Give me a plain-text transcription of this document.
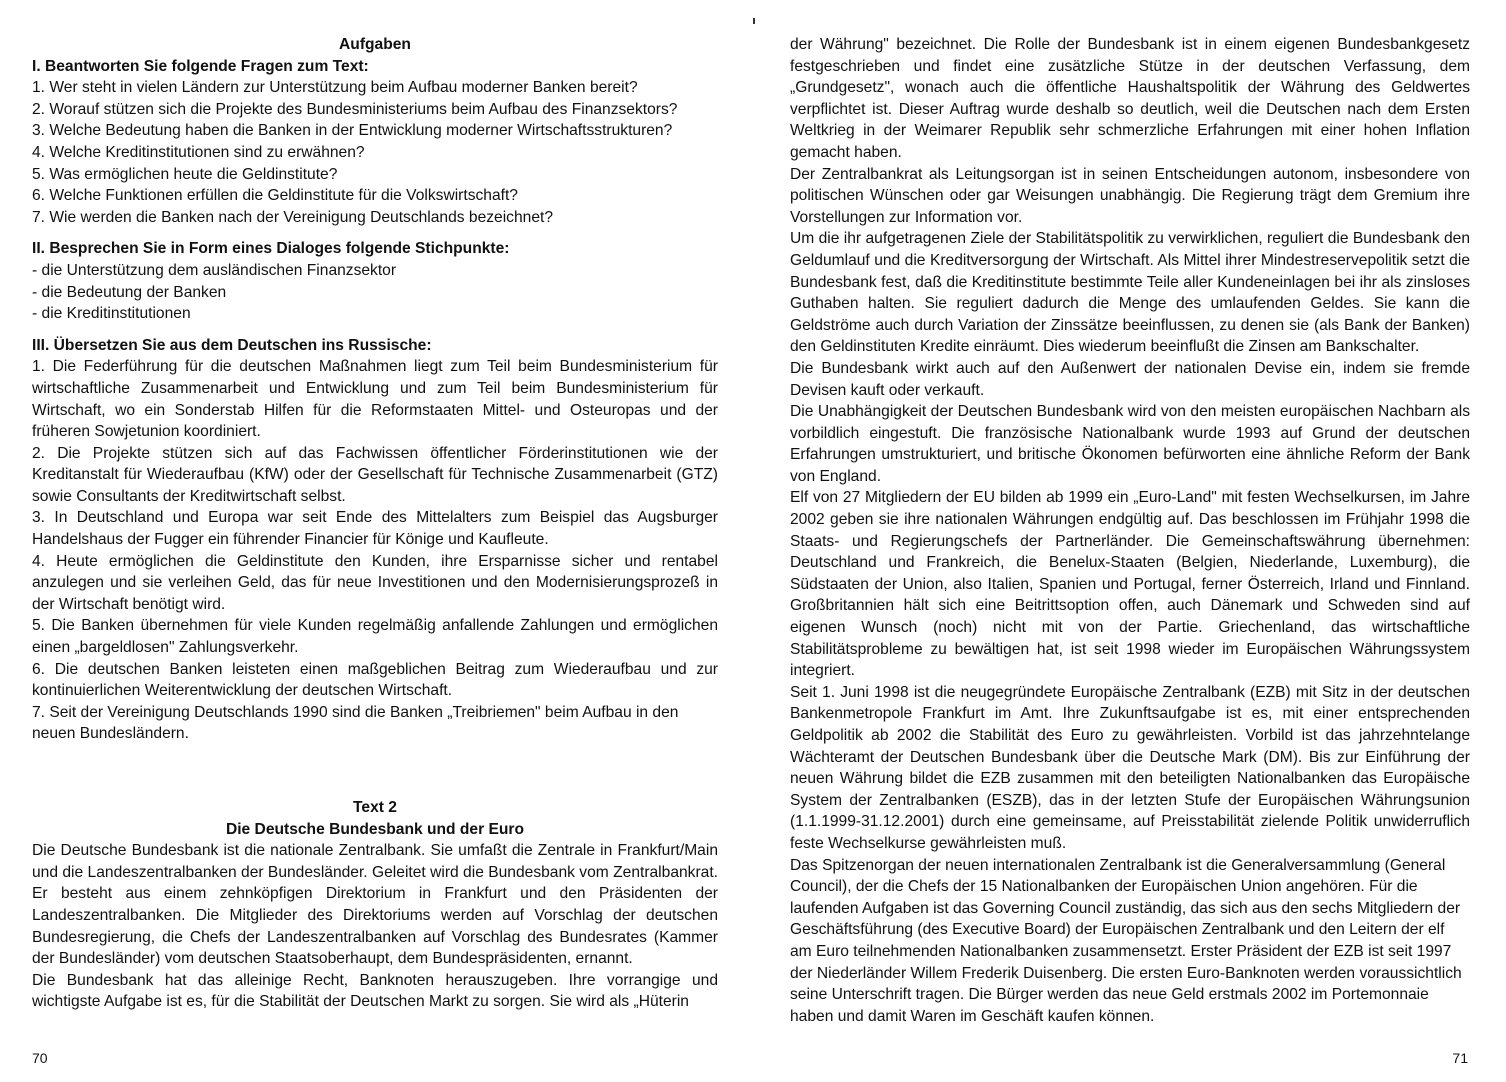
Aufgaben

I. Beantworten Sie folgende Fragen zum Text:

1. Wer steht in vielen Ländern zur Unterstützung beim Aufbau moderner Banken bereit?

2. Worauf stützen sich die Projekte des Bundesministeriums beim Aufbau des Finanzsektors?

3. Welche Bedeutung haben die Banken in der Entwicklung moderner Wirtschaftsstrukturen?

4. Welche Kreditinstitutionen sind zu erwähnen?

5. Was ermöglichen heute die Geldinstitute?

6. Welche Funktionen erfüllen die Geldinstitute für die Volkswirtschaft?

7. Wie werden die Banken nach der Vereinigung Deutschlands bezeichnet?

II. Besprechen Sie in Form eines Dialoges folgende Stichpunkte:

- die Unterstützung dem ausländischen Finanzsektor

- die Bedeutung der Banken

- die Kreditinstitutionen

III. Übersetzen Sie aus dem Deutschen ins Russische:

1. Die Federführung für die deutschen Maßnahmen liegt zum Teil beim Bundesministerium für wirtschaftliche Zusammenarbeit und Entwicklung und zum Teil beim Bundesministerium für Wirtschaft, wo ein Sonderstab Hilfen für die Reformstaaten Mittel- und Osteuropas und der früheren Sowjetunion koordiniert.

2. Die Projekte stützen sich auf das Fachwissen öffentlicher Förderinstitutionen wie der Kreditanstalt für Wiederaufbau (KfW) oder der Gesellschaft für Technische Zusammenarbeit (GTZ) sowie Consultants der Kreditwirtschaft selbst.

3. In Deutschland und Europa war seit Ende des Mittelalters zum Beispiel das Augsburger Handelshaus der Fugger ein führender Financier für Könige und Kaufleute.

4. Heute ermöglichen die Geldinstitute den Kunden, ihre Ersparnisse sicher und rentabel anzulegen und sie verleihen Geld, das für neue Investitionen und den Modernisierungsprozeß in der Wirtschaft benötigt wird.

5. Die Banken übernehmen für viele Kunden regelmäßig anfallende Zahlungen und ermöglichen einen „bargeldlosen" Zahlungsverkehr.

6. Die deutschen Banken leisteten einen maßgeblichen Beitrag zum Wiederaufbau und zur kontinuierlichen Weiterentwicklung der deutschen Wirtschaft.

7. Seit der Vereinigung Deutschlands 1990 sind die Banken „Treibriemen" beim Aufbau in den neuen Bundesländern.

Text 2

Die Deutsche Bundesbank und der Euro

Die Deutsche Bundesbank ist die nationale Zentralbank. Sie umfaßt die Zentrale in Frankfurt/Main und die Landeszentralbanken der Bundesländer. Geleitet wird die Bundesbank vom Zentralbankrat. Er besteht aus einem zehnköpfigen Direktorium in Frankfurt und den Präsidenten der Landeszentralbanken. Die Mitglieder des Direktoriums werden auf Vorschlag der deutschen Bundesregierung, die Chefs der Landeszentralbanken auf Vorschlag des Bundesrates (Kammer der Bundesländer) vom deutschen Staatsoberhaupt, dem Bundespräsidenten, ernannt.

Die Bundesbank hat das alleinige Recht, Banknoten herauszugeben. Ihre vorrangige und wichtigste Aufgabe ist es, für die Stabilität der Deutschen Markt zu sorgen. Sie wird als „Hüterin

70

der Währung" bezeichnet. Die Rolle der Bundesbank ist in einem eigenen Bundesbankgesetz festgeschrieben und findet eine zusätzliche Stütze in der deutschen Verfassung, dem „Grundgesetz", wonach auch die öffentliche Haushaltspolitik der Währung des Geldwertes verpflichtet ist. Dieser Auftrag wurde deshalb so deutlich, weil die Deutschen nach dem Ersten Weltkrieg in der Weimarer Republik sehr schmerzliche Erfahrungen mit einer hohen Inflation gemacht haben.

Der Zentralbankrat als Leitungsorgan ist in seinen Entscheidungen autonom, insbesondere von politischen Wünschen oder gar Weisungen unabhängig. Die Regierung trägt dem Gremium ihre Vorstellungen zur Information vor.

Um die ihr aufgetragenen Ziele der Stabilitätspolitik zu verwirklichen, reguliert die Bundesbank den Geldumlauf und die Kreditversorgung der Wirtschaft. Als Mittel ihrer Mindestreservepolitik setzt die Bundesbank fest, daß die Kreditinstitute bestimmte Teile aller Kundeneinlagen bei ihr als zinsloses Guthaben halten. Sie reguliert dadurch die Menge des umlaufenden Geldes. Sie kann die Geldströme auch durch Variation der Zinssätze beeinflussen, zu denen sie (als Bank der Banken) den Geldinstituten Kredite einräumt. Dies wiederum beeinflußt die Zinsen am Bankschalter.

Die Bundesbank wirkt auch auf den Außenwert der nationalen Devise ein, indem sie fremde Devisen kauft oder verkauft.

Die Unabhängigkeit der Deutschen Bundesbank wird von den meisten europäischen Nachbarn als vorbildlich eingestuft. Die französische Nationalbank wurde 1993 auf Grund der deutschen Erfahrungen umstrukturiert, und britische Ökonomen befürworten eine ähnliche Reform der Bank von England.

Elf von 27 Mitgliedern der EU bilden ab 1999 ein „Euro-Land" mit festen Wechselkursen, im Jahre 2002 geben sie ihre nationalen Währungen endgültig auf. Das beschlossen im Frühjahr 1998 die Staats- und Regierungschefs der Partnerländer. Die Gemeinschaftswährung übernehmen: Deutschland und Frankreich, die Benelux-Staaten (Belgien, Niederlande, Luxemburg), die Südstaaten der Union, also Italien, Spanien und Portugal, ferner Österreich, Irland und Finnland. Großbritannien hält sich eine Beitrittsoption offen, auch Dänemark und Schweden sind auf eigenen Wunsch (noch) nicht mit von der Partie. Griechenland, das wirtschaftliche Stabilitätsprobleme zu bewältigen hat, ist seit 1998 wieder im Europäischen Währungssystem integriert.

Seit 1. Juni 1998 ist die neugegründete Europäische Zentralbank (EZB) mit Sitz in der deutschen Bankenmetropole Frankfurt im Amt. Ihre Zukunftsaufgabe ist es, mit einer entsprechenden Geldpolitik ab 2002 die Stabilität des Euro zu gewährleisten. Vorbild ist das jahrzehntelange Wächteramt der Deutschen Bundesbank über die Deutsche Mark (DM). Bis zur Einführung der neuen Währung bildet die EZB zusammen mit den beteiligten Nationalbanken das Europäische System der Zentralbanken (ESZB), das in der letzten Stufe der Europäischen Währungsunion (1.1.1999-31.12.2001) durch eine gemeinsame, auf Preisstabilität zielende Politik unwiderruflich feste Wechselkurse gewährleisten muß.

Das Spitzenorgan der neuen internationalen Zentralbank ist die Generalversammlung (General Council), der die Chefs der 15 Nationalbanken der Europäischen Union angehören. Für die laufenden Aufgaben ist das Governing Council zuständig, das sich aus den sechs Mitgliedern der Geschäftsführung (des Executive Board) der Europäischen Zentralbank und den Leitern der elf am Euro teilnehmenden Nationalbanken zusammensetzt. Erster Präsident der EZB ist seit 1997 der Niederländer Willem Frederik Duisenberg. Die ersten Euro-Banknoten werden voraussichtlich seine Unterschrift tragen. Die Bürger werden das neue Geld erstmals 2002 im Portemonnaie haben und damit Waren im Geschäft kaufen können.

71
